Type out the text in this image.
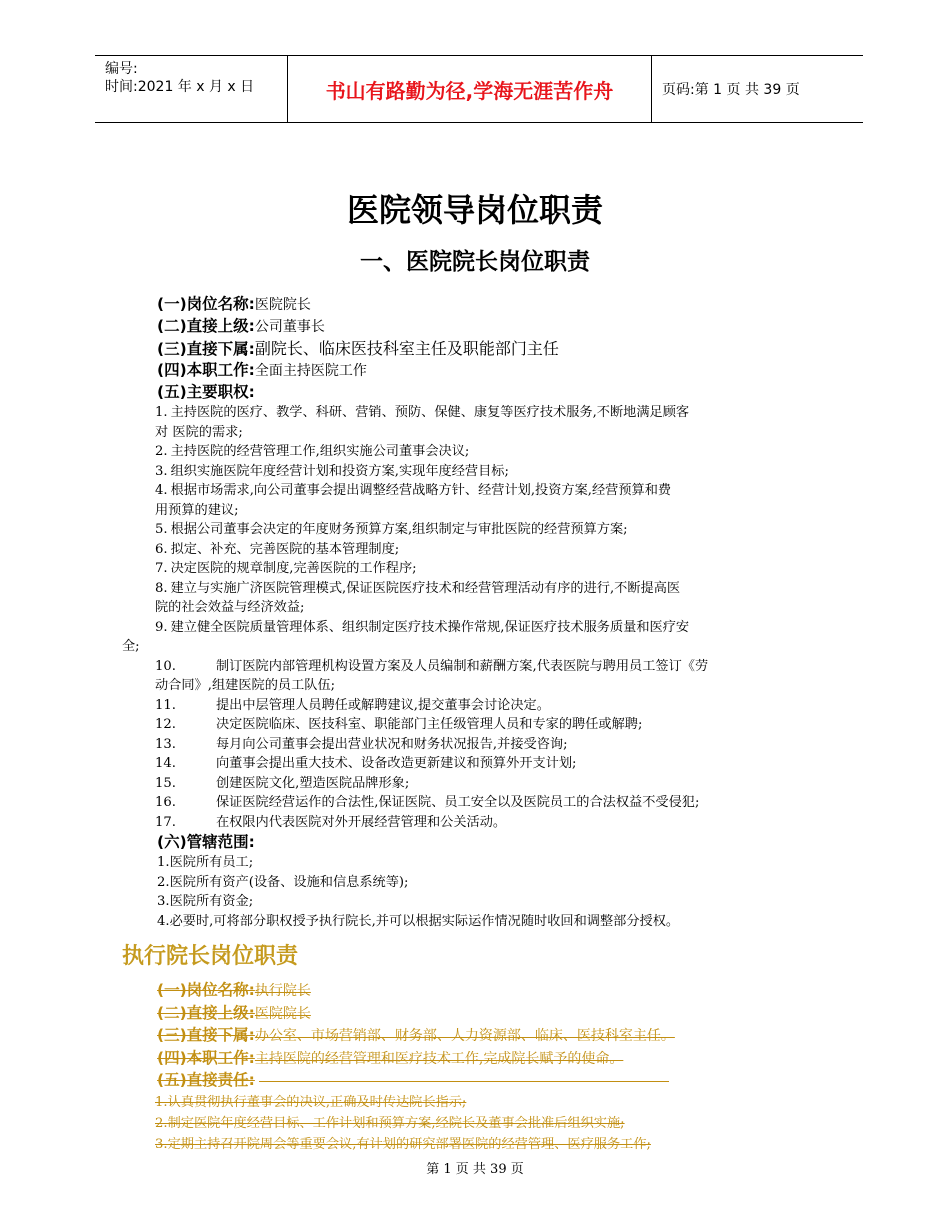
编号:
时间:2021 年 x 月 x 日	书山有路勤为径,学海无涯苦作舟	页码:第 1 页 共 39 页
医院领导岗位职责
一、医院院长岗位职责
(一)岗位名称:医院院长
(二)直接上级:公司董事长
(三)直接下属:副院长、临床医技科室主任及职能部门主任
(四)本职工作:全面主持医院工作
(五)主要职权:
1. 主持医院的医疗、教学、科研、营销、预防、保健、康复等医疗技术服务,不断地满足顾客
对 医院的需求;
2. 主持医院的经营管理工作,组织实施公司董事会决议;
3. 组织实施医院年度经营计划和投资方案,实现年度经营目标;
4. 根据市场需求,向公司董事会提出调整经营战略方针、经营计划,投资方案,经营预算和费
用预算的建议;
5. 根据公司董事会决定的年度财务预算方案,组织制定与审批医院的经营预算方案;
6. 拟定、补充、完善医院的基本管理制度;
7. 决定医院的规章制度,完善医院的工作程序;
8. 建立与实施广济医院管理模式,保证医院医疗技术和经营管理活动有序的进行,不断提高医
院的社会效益与经济效益;
9. 建立健全医院质量管理体系、组织制定医疗技术操作常规,保证医疗技术服务质量和医疗安
全;
10.	制订医院内部管理机构设置方案及人员编制和薪酬方案,代表医院与聘用员工签订《劳
动合同》,组建医院的员工队伍;
11.	提出中层管理人员聘任或解聘建议,提交董事会讨论决定。
12.	决定医院临床、医技科室、职能部门主任级管理人员和专家的聘任或解聘;
13.	每月向公司董事会提出营业状况和财务状况报告,并接受咨询;
14.	向董事会提出重大技术、设备改造更新建议和预算外开支计划;
15.	创建医院文化,塑造医院品牌形象;
16.	保证医院经营运作的合法性,保证医院、员工安全以及医院员工的合法权益不受侵犯;
17.	在权限内代表医院对外开展经营管理和公关活动。
(六)管辖范围:
1.医院所有员工;
2.医院所有资产(设备、设施和信息系统等);
3.医院所有资金;
4.必要时,可将部分职权授予执行院长,并可以根据实际运作情况随时收回和调整部分授权。
执行院长岗位职责
(一)岗位名称:执行院长
(二)直接上级:医院院长
(三)直接下属:办公室、市场营销部、财务部、人力资源部、临床、医技科室主任。
(四)本职工作:主持医院的经营管理和医疗技术工作,完成院长赋予的使命。
(五)直接责任:
1.认真贯彻执行董事会的决议,正确及时传达院长指示;
2.制定医院年度经营目标、工作计划和预算方案,经院长及董事会批准后组织实施;
3.定期主持召开院周会等重要会议,有计划的研究部署医院的经营管理、医疗服务工作;
第 1 页 共 39 页
